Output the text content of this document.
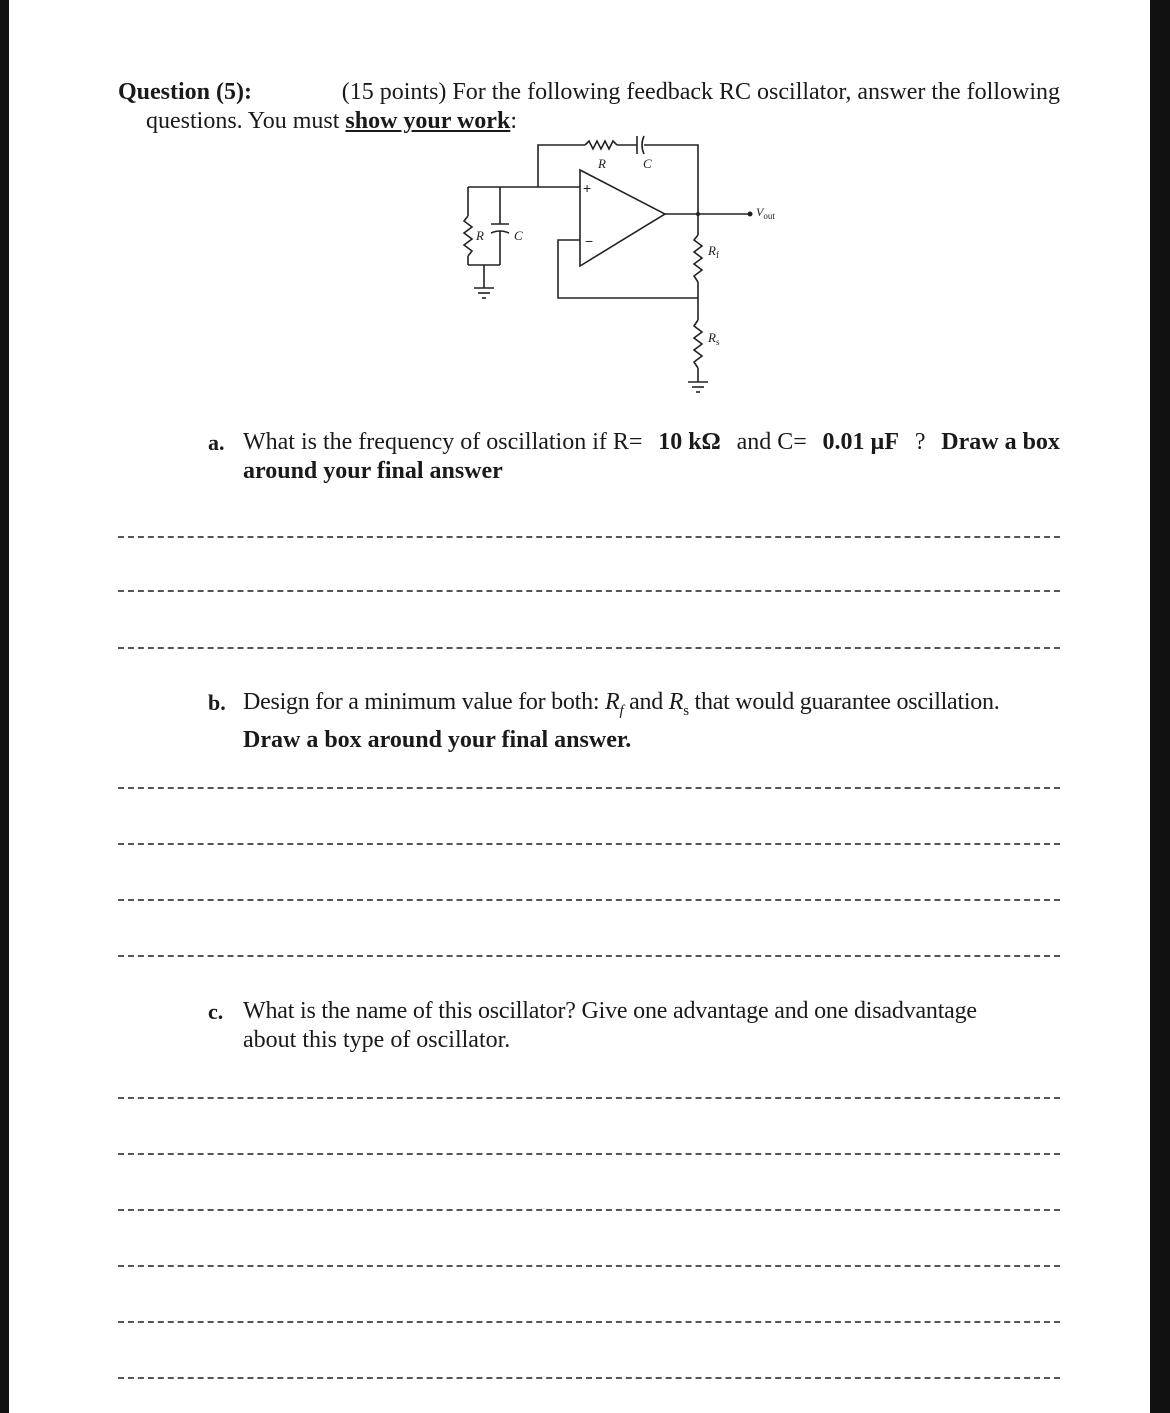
Question (5):	(15 points) For the following feedback RC oscillator, answer the following
questions. You must show your work:
R	C
R C
$V_{out}$
$R_f$
$R_s$
+
−
a. What is the frequency of oscillation if R= 10 kΩ and C= 0.01 µF ? Draw a box
around your final answer
b. Design for a minimum value for both: $R_f$ and $R_s$ that would guarantee oscillation.
Draw a box around your final answer.
c. What is the name of this oscillator? Give one advantage and one disadvantage
about this type of oscillator.
